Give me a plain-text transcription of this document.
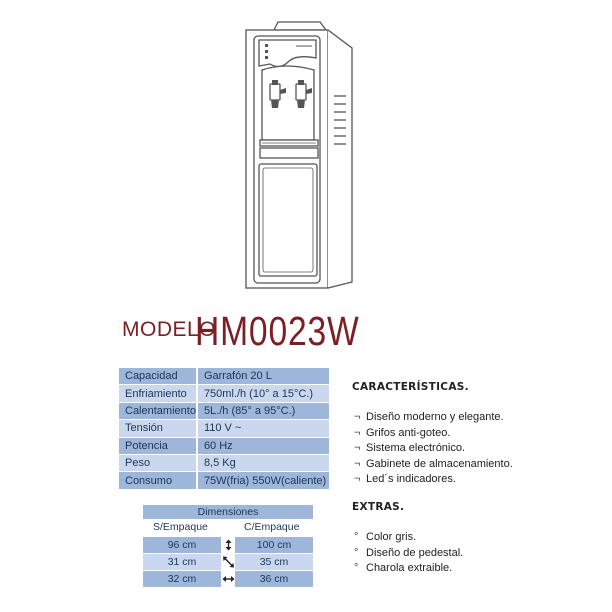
MODELO
HM0023W
Capacidad	Garrafón 20 L
Enfriamiento	750ml./h (10° a 15°C.)
Calentamiento	5L./h (85° a 95°C.)
Tensión	110 V ~
Potencia	60 Hz
Peso	8,5 Kg
Consumo	75W(fria) 550W(caliente)
Dimensiones
S/Empaque	C/Empaque
96 cm	100 cm
31 cm	35 cm
32 cm	36 cm
CARACTERÍSTICAS.
¬ Diseño moderno y elegante.
¬ Grifos anti-goteo.
¬ Sistema electrónico.
¬ Gabinete de almacenamiento.
¬ Led´s indicadores.
EXTRAS.
° Color gris.
° Diseño de pedestal.
° Charola extraible.
